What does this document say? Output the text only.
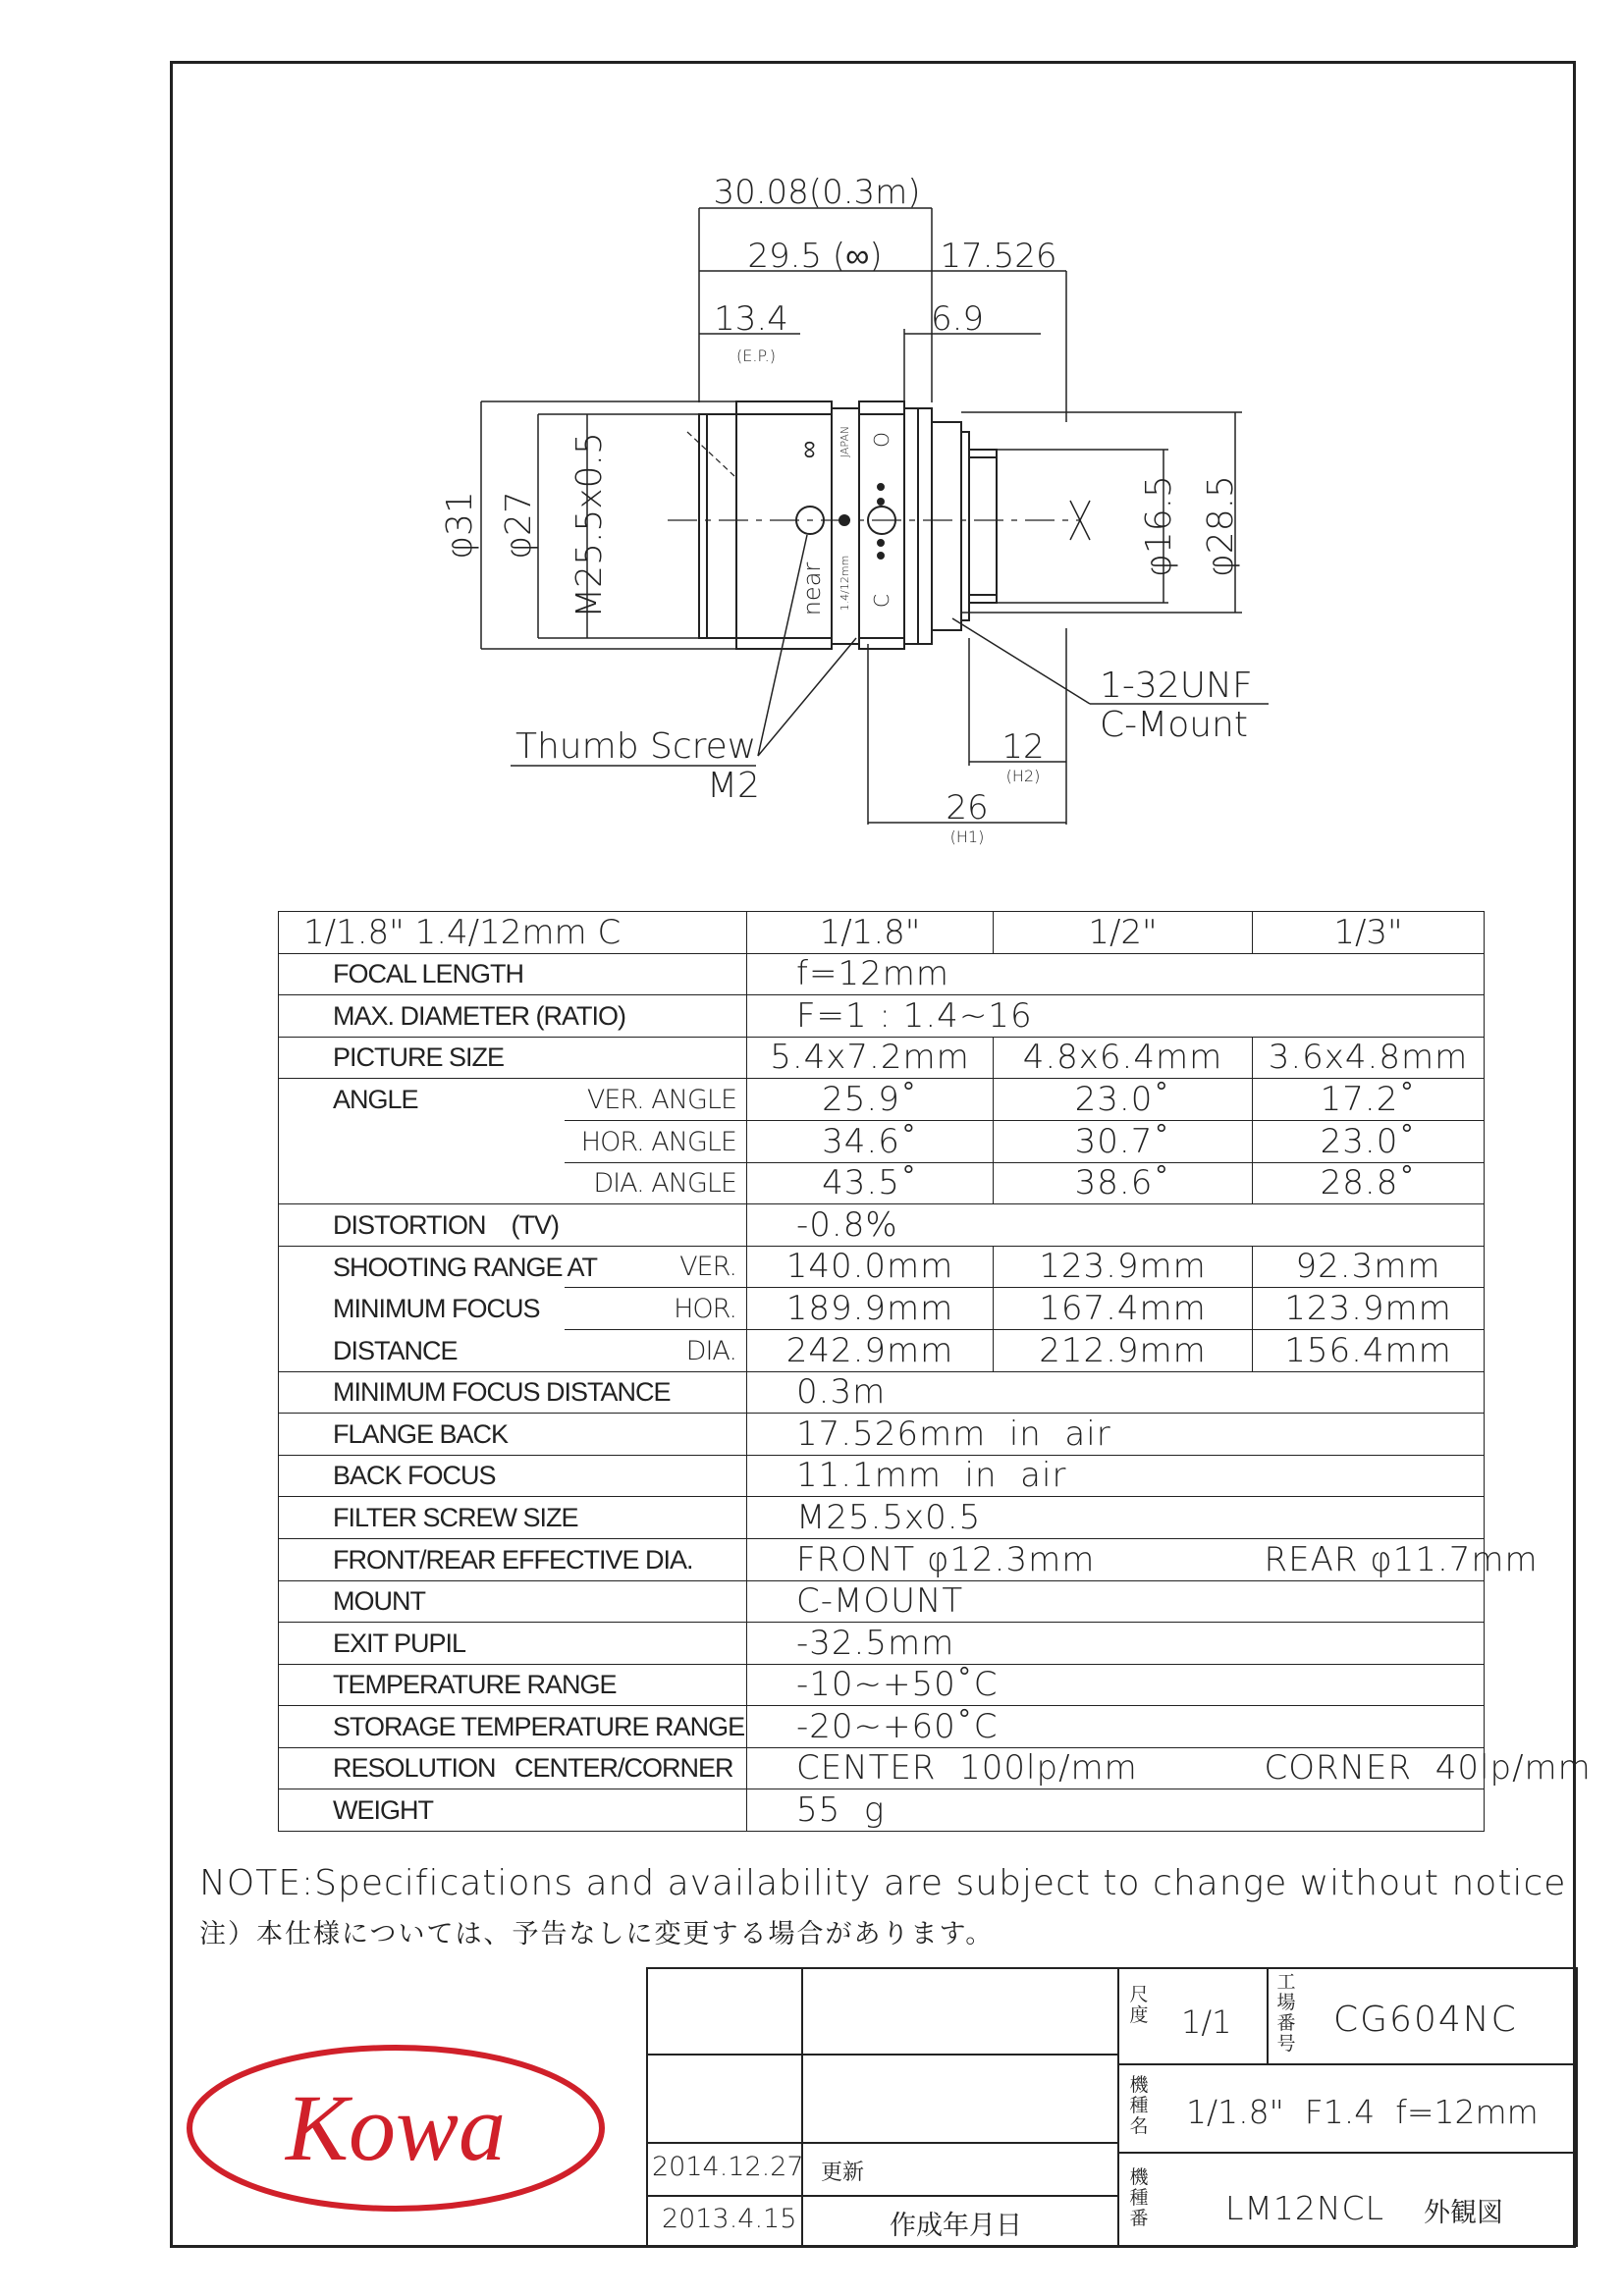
∞
near
JAPAN
1.4/12mm C
O
30.08(0.3m)
29.5 (∞) 17.526
13.4
(E.P.)
6.9
φ31 φ27 M25.5x0.5	φ16.5 φ28.5
1-32UNF
C-Mount
Thumb Screw
M2
12
(H2)
26
(H1)
1/1.8" 1.4/12mm C		1/1.8"	1/2"	1/3"
FOCAL LENGTH		f=12mm		
MAX. DIAMETER (RATIO)		F=1 : 1.4~16		
PICTURE SIZE		5.4x7.2mm	4.8x6.4mm	3.6x4.8mm
ANGLE	VER. ANGLE	25.9˚	23.0˚	17.2˚
	HOR. ANGLE	34.6˚	30.7˚	23.0˚
	DIA. ANGLE	43.5˚	38.6˚	28.8˚
DISTORTION    (TV)		-0.8%		
SHOOTING RANGE AT	VER.	140.0mm	123.9mm	92.3mm
MINIMUM FOCUS	HOR.	189.9mm	167.4mm	123.9mm
DISTANCE	DIA.	242.9mm	212.9mm	156.4mm
MINIMUM FOCUS DISTANCE		0.3m		
FLANGE BACK		17.526mm  in  air		
BACK FOCUS		11.1mm  in  air		
FILTER SCREW SIZE		M25.5x0.5		
FRONT/REAR EFFECTIVE DIA.		FRONT φ12.3mm		REAR φ11.7mm
MOUNT		C-MOUNT		
EXIT PUPIL		-32.5mm		
TEMPERATURE RANGE		-10~+50˚C		
STORAGE TEMPERATURE RANGE		-20~+60˚C		
RESOLUTION   CENTER/CORNER		CENTER  100lp/mm		CORNER  40lp/mm
WEIGHT		55  g		
NOTE:Specifications and availability are subject to change without notice
注）本仕様については、予告なしに変更する場合があります。
Kowa	2014.12.27 更新
2013.4.15	作成年月日
尺度 1/1
工場番号
CG604NC
機種名 1/1.8"  F1.4  f=12mm
機種番 LM12NCL 外観図
